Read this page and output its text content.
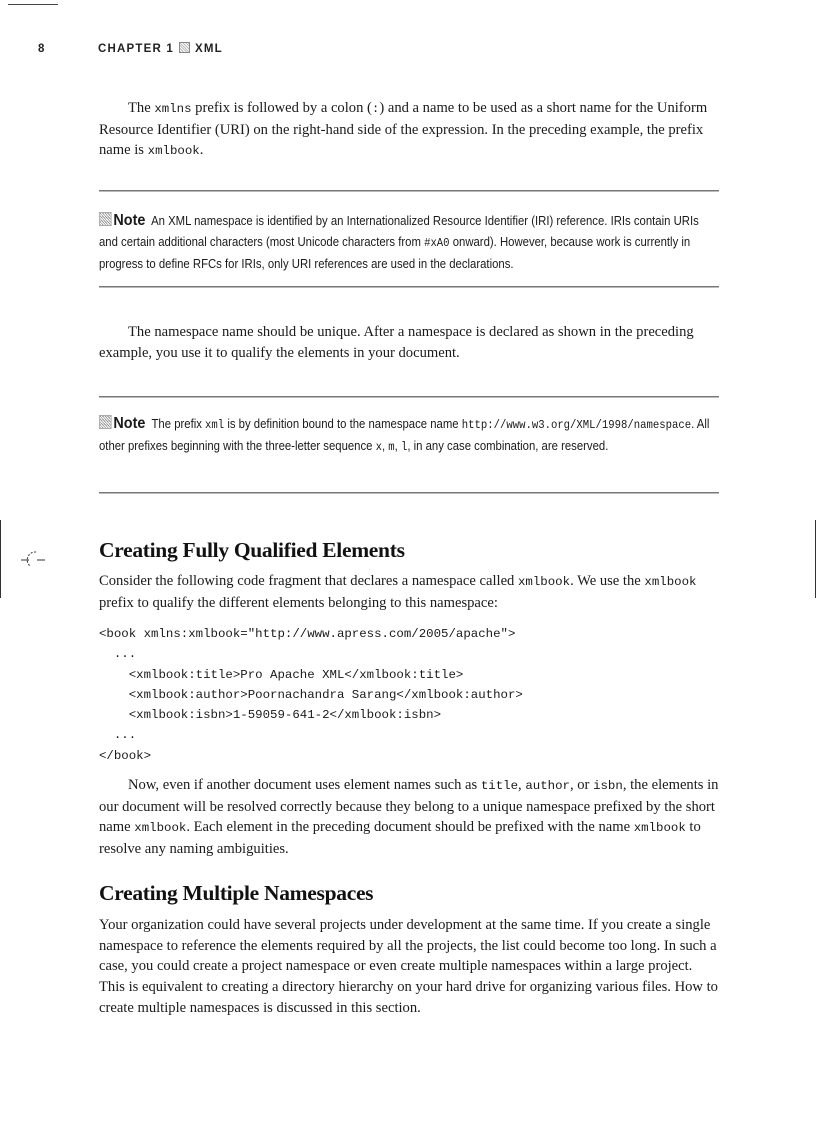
8	CHAPTER 1 XML

The xmlns prefix is followed by a colon (:) and a name to be used as a short name for the Uniform Resource Identifier (URI) on the right-hand side of the expression. In the preceding example, the prefix name is xmlbook.

Note An XML namespace is identified by an Internationalized Resource Identifier (IRI) reference. IRIs contain URIs and certain additional characters (most Unicode characters from #xA0 onward). However, because work is currently in progress to define RFCs for IRIs, only URI references are used in the declarations.

The namespace name should be unique. After a namespace is declared as shown in the preceding example, you use it to qualify the elements in your document.

Note The prefix xml is by definition bound to the namespace name http://www.w3.org/XML/1998/namespace. All other prefixes beginning with the three-letter sequence x, m, l, in any case combination, are reserved.
Creating Fully Qualified Elements

Consider the following code fragment that declares a namespace called xmlbook. We use the xmlbook prefix to qualify the different elements belonging to this namespace:

<book xmlns:xmlbook="http://www.apress.com/2005/apache">
...
<xmlbook:title>Pro Apache XML</xmlbook:title>
<xmlbook:author>Poornachandra Sarang</xmlbook:author>
<xmlbook:isbn>1-59059-641-2</xmlbook:isbn>
...
</book>

Now, even if another document uses element names such as title, author, or isbn, the elements in our document will be resolved correctly because they belong to a unique namespace prefixed by the short name xmlbook. Each element in the preceding document should be prefixed with the name xmlbook to resolve any naming ambiguities.

Creating Multiple Namespaces

Your organization could have several projects under development at the same time. If you create a single namespace to reference the elements required by all the projects, the list could become too long. In such a case, you could create a project namespace or even create multiple namespaces within a large project. This is equivalent to creating a directory hierarchy on your hard drive for organizing various files. How to create multiple namespaces is discussed in this section.
